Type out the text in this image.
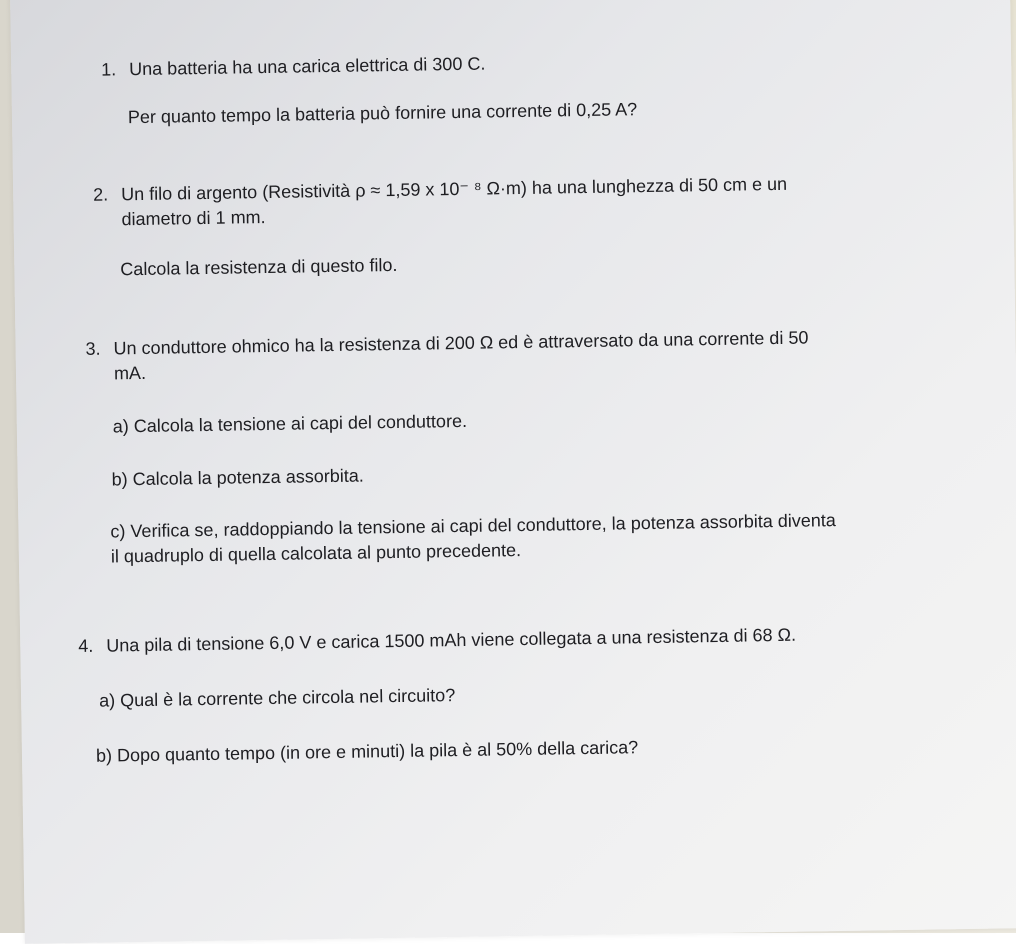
1. Una batteria ha una carica elettrica di 300 C.
Per quanto tempo la batteria può fornire una corrente di 0,25 A?
2. Un filo di argento (Resistività ρ ≈ 1,59 x 10⁻ ⁸ Ω·m) ha una lunghezza di 50 cm e un
diametro di 1 mm.
Calcola la resistenza di questo filo.
3. Un conduttore ohmico ha la resistenza di 200 Ω ed è attraversato da una corrente di 50
mA.
a) Calcola la tensione ai capi del conduttore.
b) Calcola la potenza assorbita.
c) Verifica se, raddoppiando la tensione ai capi del conduttore, la potenza assorbita diventa
il quadruplo di quella calcolata al punto precedente.
4. Una pila di tensione 6,0 V e carica 1500 mAh viene collegata a una resistenza di 68 Ω.
a) Qual è la corrente che circola nel circuito?
b) Dopo quanto tempo (in ore e minuti) la pila è al 50% della carica?
